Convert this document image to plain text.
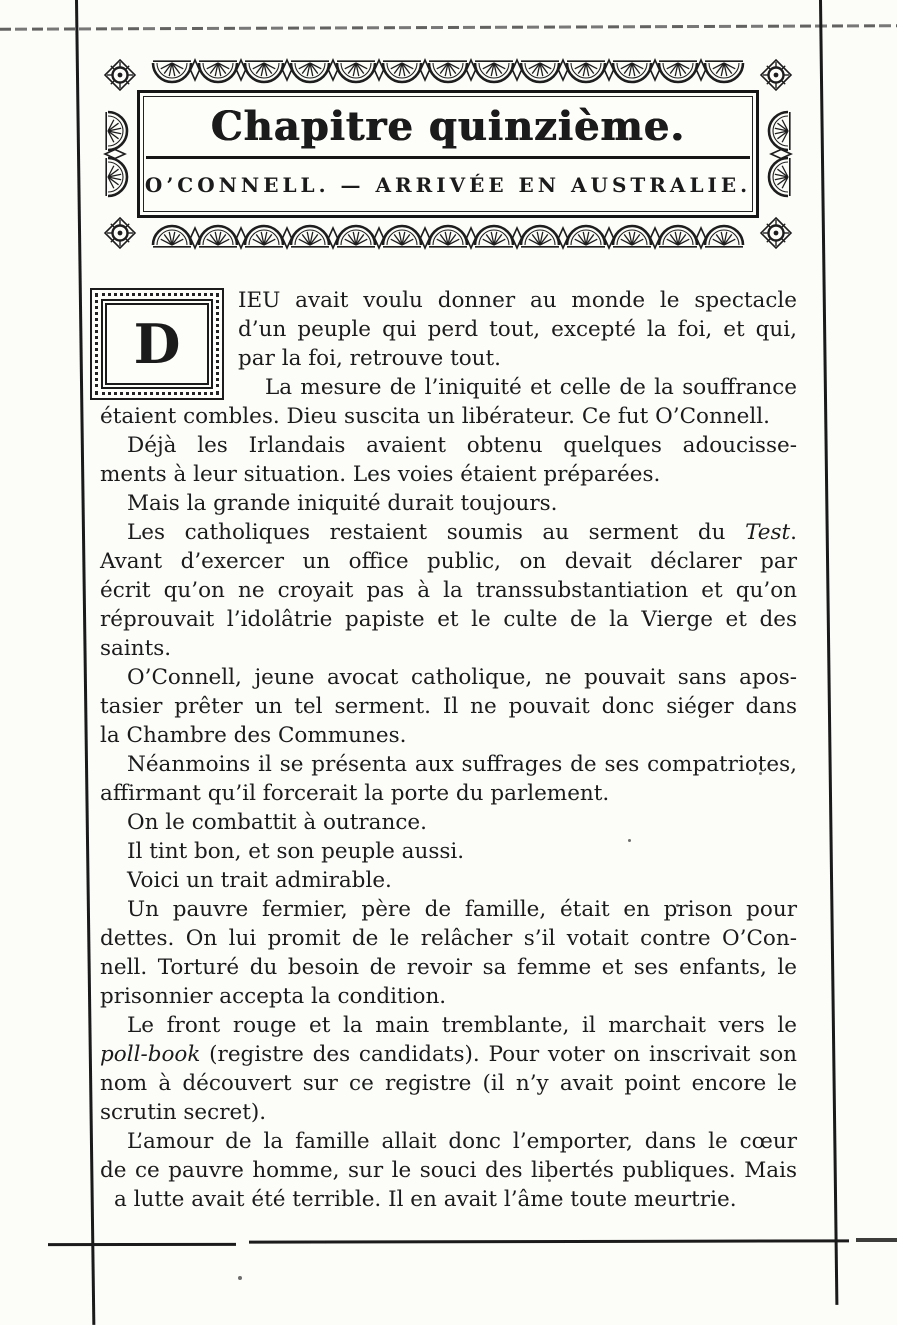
Chapitre quinzième.
O’CONNELL. — ARRIVÉE EN AUSTRALIE.
D
IEU avait voulu donner au monde le spectacle
d’un peuple qui perd tout, excepté la foi, et qui,
par la foi, retrouve tout.
La mesure de l’iniquité et celle de la souffrance
étaient combles. Dieu suscita un libérateur. Ce fut O’Connell.
Déjà les Irlandais avaient obtenu quelques adoucisse-
ments à leur situation. Les voies étaient préparées.
Mais la grande iniquité durait toujours.
Les catholiques restaient soumis au serment du Test.
Avant d’exercer un office public, on devait déclarer par
écrit qu’on ne croyait pas à la transsubstantiation et qu’on
réprouvait l’idolâtrie papiste et le culte de la Vierge et des
saints.
O’Connell, jeune avocat catholique, ne pouvait sans apos-
tasier prêter un tel serment. Il ne pouvait donc siéger dans
la Chambre des Communes.
Néanmoins il se présenta aux suffrages de ses compatriotes,
affirmant qu’il forcerait la porte du parlement.
On le combattit à outrance.
Il tint bon, et son peuple aussi.
Voici un trait admirable.
Un pauvre fermier, père de famille, était en prison pour
dettes. On lui promit de le relâcher s’il votait contre O’Con-
nell. Torturé du besoin de revoir sa femme et ses enfants, le
prisonnier accepta la condition.
Le front rouge et la main tremblante, il marchait vers le
poll-book (registre des candidats). Pour voter on inscrivait son
nom à découvert sur ce registre (il n’y avait point encore le
scrutin secret).
L’amour de la famille allait donc l’emporter, dans le cœur
de ce pauvre homme, sur le souci des libertés publiques. Mais
a lutte avait été terrible. Il en avait l’âme toute meurtrie.
